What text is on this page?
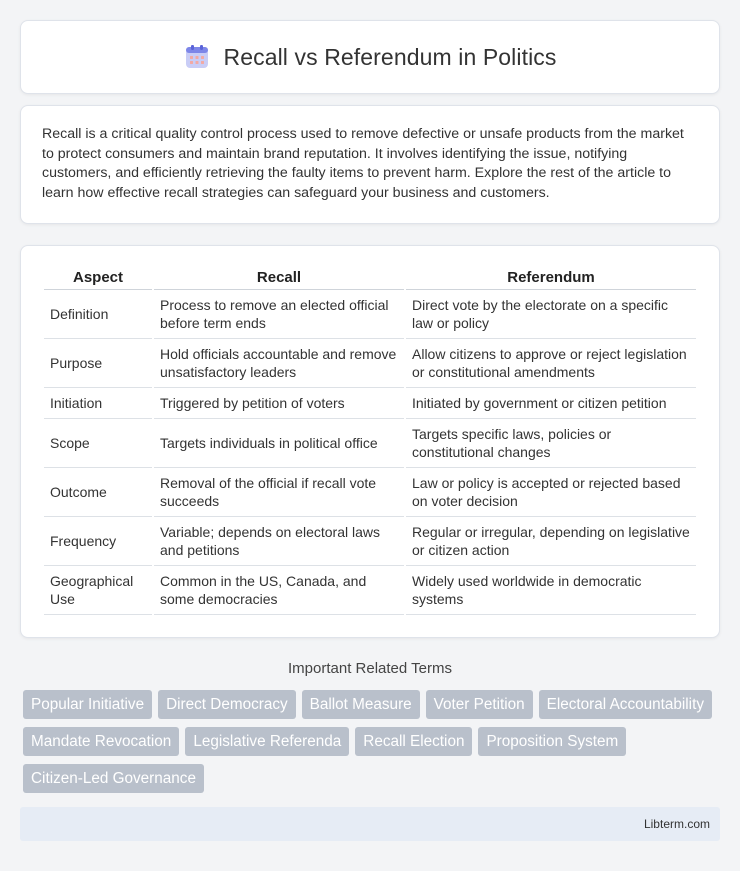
Recall vs Referendum in Politics

Recall is a critical quality control process used to remove defective or unsafe products from the market to protect consumers and maintain brand reputation. It involves identifying the issue, notifying customers, and efficiently retrieving the faulty items to prevent harm. Explore the rest of the article to learn how effective recall strategies can safeguard your business and customers.

Aspect	Recall	Referendum
Definition	Process to remove an elected official before term ends	Direct vote by the electorate on a specific law or policy
Purpose	Hold officials accountable and remove unsatisfactory leaders	Allow citizens to approve or reject legislation or constitutional amendments
Initiation	Triggered by petition of voters	Initiated by government or citizen petition
Scope	Targets individuals in political office	Targets specific laws, policies or constitutional changes
Outcome	Removal of the official if recall vote succeeds	Law or policy is accepted or rejected based on voter decision
Frequency	Variable; depends on electoral laws and petitions	Regular or irregular, depending on legislative or citizen action
Geographical Use	Common in the US, Canada, and some democracies	Widely used worldwide in democratic systems
Important Related Terms
Popular Initiative	Direct Democracy	Ballot Measure	Voter Petition	Electoral Accountability
Mandate Revocation	Legislative Referenda	Recall Election	Proposition System
Citizen-Led Governance
Libterm.com
